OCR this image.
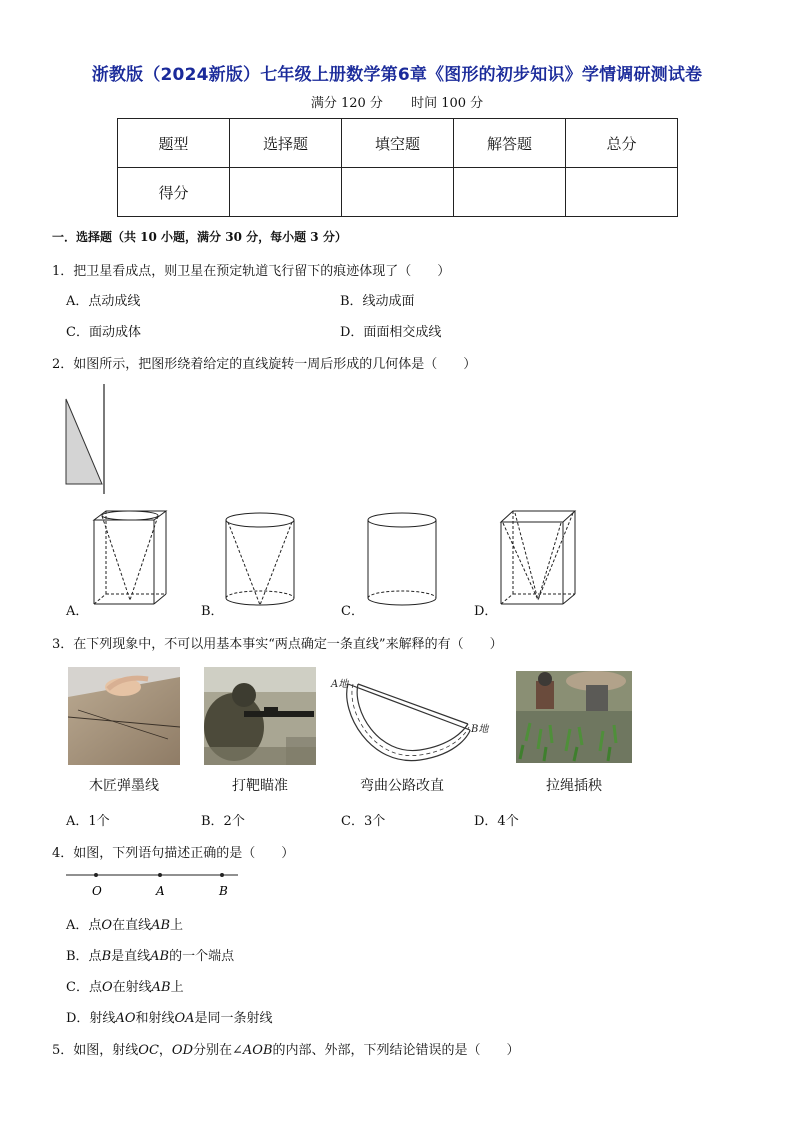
浙教版（2024新版）七年级上册数学第6章《图形的初步知识》学情调研测试卷
满分 120 分 时间 100 分
题型	选择题	填空题	解答题	总分
得分				
一．选择题（共 10 小题，满分 30 分，每小题 3 分）
1．把卫星看成点，则卫星在预定轨道飞行留下的痕迹体现了（　　）
A．点动成线	B．线动成面
C．面动成体	D．面面相交成线
2．如图所示，把图形绕着给定的直线旋转一周后形成的几何体是（　　）
A．	B．	C．	D．
3．在下列现象中，不可以用基本事实“两点确定一条直线”来解释的有（　　）
木匠弹墨线	打靶瞄准
A地
B地
弯曲公路改直	拉绳插秧
A．1个	B．2个	C．3个	D．4个
4．如图，下列语句描述正确的是（　　）
O	A	B
A．点O在直线AB上
B．点B是直线AB的一个端点
C．点O在射线AB上
D．射线AO和射线OA是同一条射线
5．如图，射线OC，OD分别在∠AOB的内部、外部，下列结论错误的是（　　）
